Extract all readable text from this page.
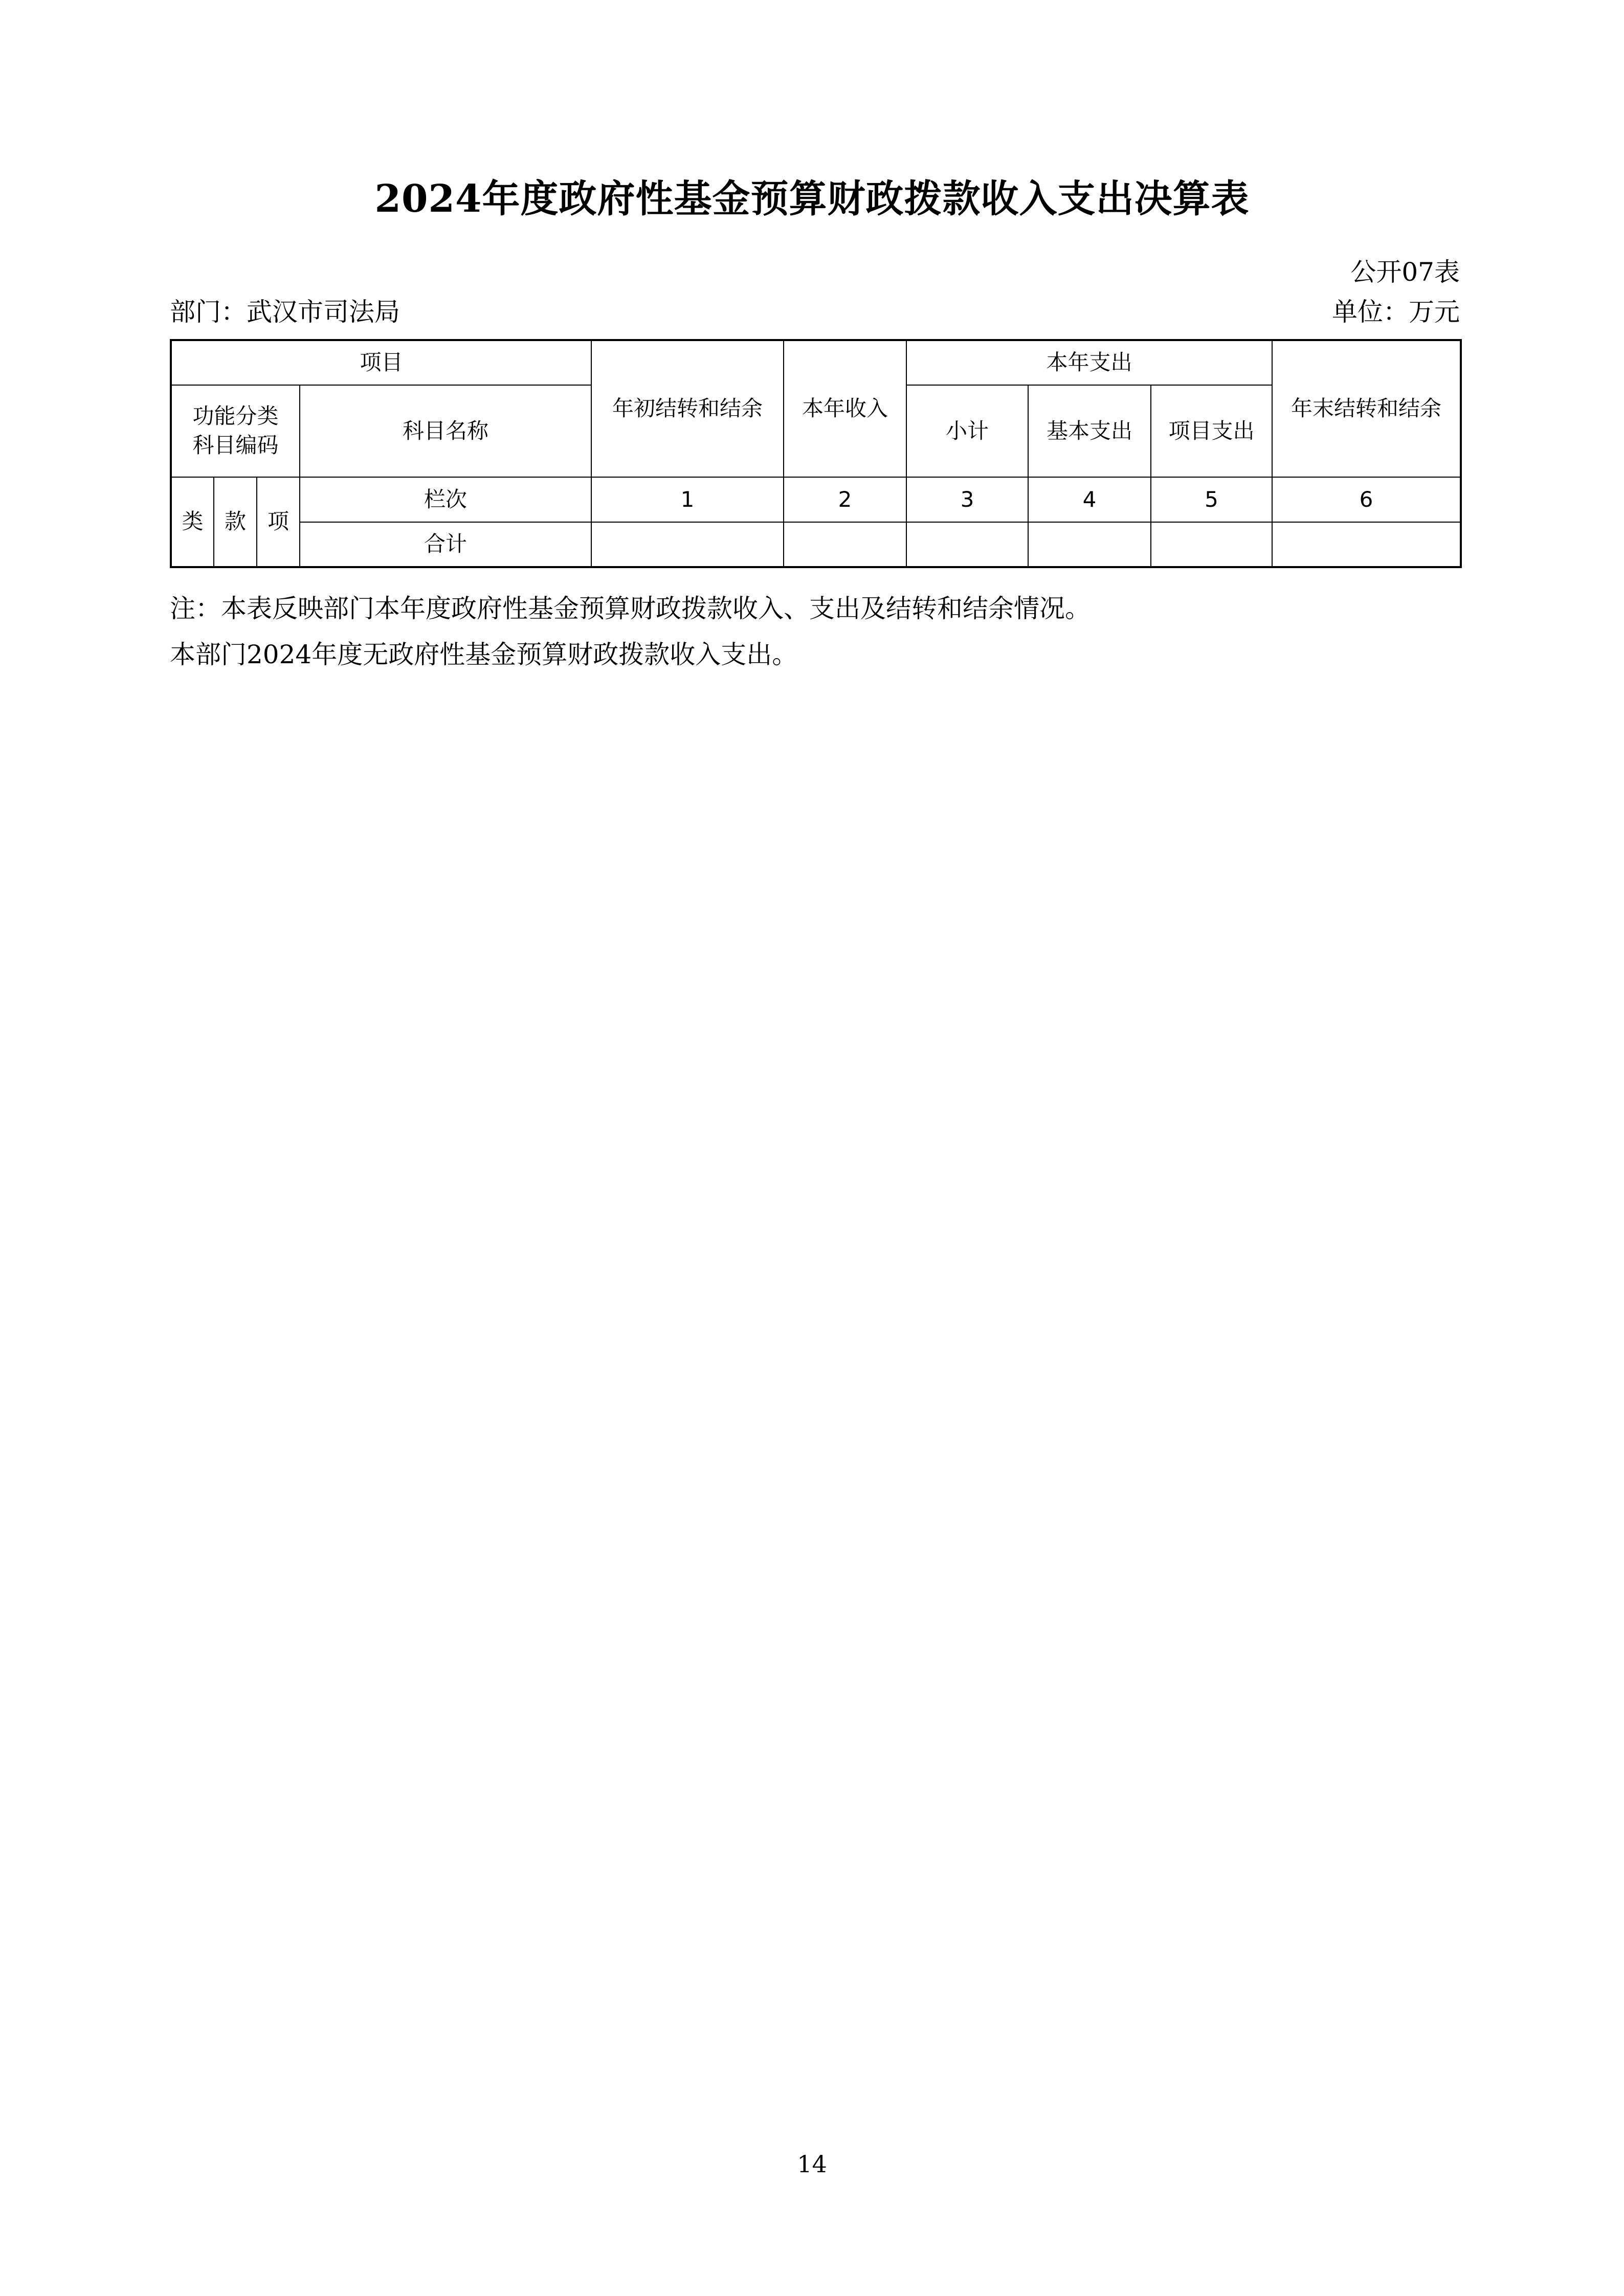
2024年度政府性基金预算财政拨款收入支出决算表
公开07表
部门：武汉市司法局	单位：万元
项目				年初结转和结余	本年收入	本年支出			年末结转和结余
功能分类科目编码			科目名称			小计	基本支出	项目支出	
类	款	项	栏次	1	2	3	4	5	6
			合计						
注：本表反映部门本年度政府性基金预算财政拨款收入、支出及结转和结余情况。
本部门2024年度无政府性基金预算财政拨款收入支出。
14
